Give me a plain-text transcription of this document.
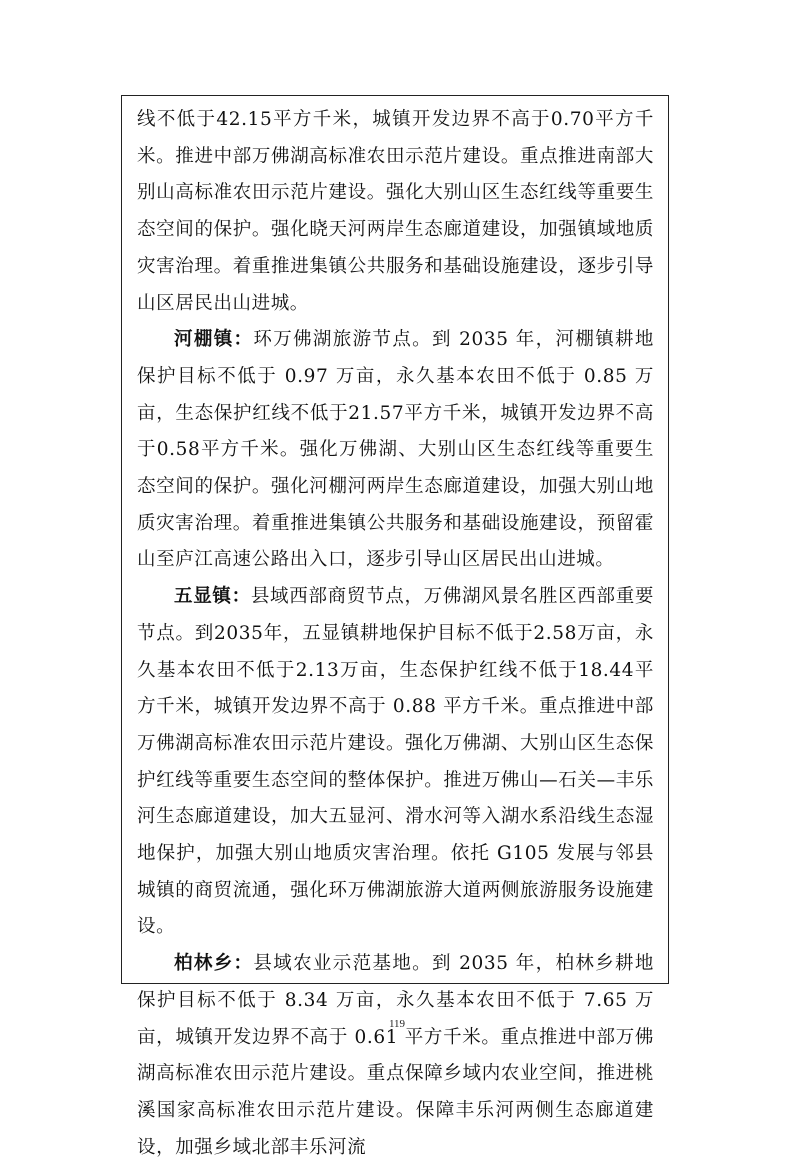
线不低于42.15平方千米，城镇开发边界不高于0.70平方千米。推进中部万佛湖高标准农田示范片建设。重点推进南部大别山高标准农田示范片建设。强化大别山区生态红线等重要生态空间的保护。强化晓天河两岸生态廊道建设，加强镇域地质灾害治理。着重推进集镇公共服务和基础设施建设，逐步引导山区居民出山进城。

河棚镇：环万佛湖旅游节点。到 2035 年，河棚镇耕地保护目标不低于 0.97 万亩，永久基本农田不低于 0.85 万亩，生态保护红线不低于21.57平方千米，城镇开发边界不高于0.58平方千米。强化万佛湖、大别山区生态红线等重要生态空间的保护。强化河棚河两岸生态廊道建设，加强大别山地质灾害治理。着重推进集镇公共服务和基础设施建设，预留霍山至庐江高速公路出入口，逐步引导山区居民出山进城。

五显镇：县域西部商贸节点，万佛湖风景名胜区西部重要节点。到2035年，五显镇耕地保护目标不低于2.58万亩，永久基本农田不低于2.13万亩，生态保护红线不低于18.44平方千米，城镇开发边界不高于 0.88 平方千米。重点推进中部万佛湖高标准农田示范片建设。强化万佛湖、大别山区生态保护红线等重要生态空间的整体保护。推进万佛山—石关—丰乐河生态廊道建设，加大五显河、滑水河等入湖水系沿线生态湿地保护，加强大别山地质灾害治理。依托 G105 发展与邻县城镇的商贸流通，强化环万佛湖旅游大道两侧旅游服务设施建设。

柏林乡：县域农业示范基地。到 2035 年，柏林乡耕地保护目标不低于 8.34 万亩，永久基本农田不低于 7.65 万亩，城镇开发边界不高于 0.61 平方千米。重点推进中部万佛湖高标准农田示范片建设。重点保障乡域内农业空间，推进桃溪国家高标准农田示范片建设。保障丰乐河两侧生态廊道建设，加强乡域北部丰乐河流

119
